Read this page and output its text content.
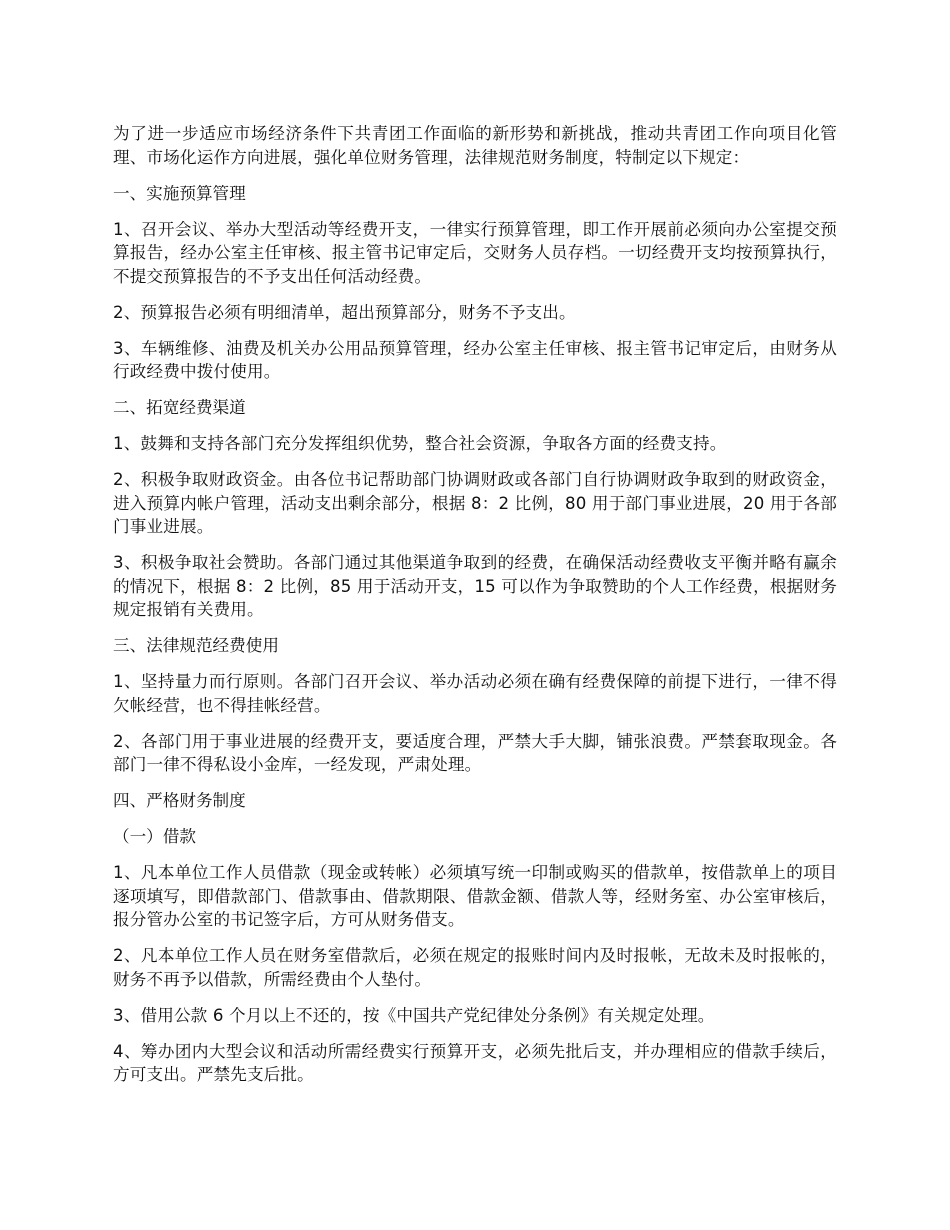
为了进一步适应市场经济条件下共青团工作面临的新形势和新挑战，推动共青团工作向项目化管理、市场化运作方向进展，强化单位财务管理，法律规范财务制度，特制定以下规定：

一、实施预算管理

1、召开会议、举办大型活动等经费开支，一律实行预算管理，即工作开展前必须向办公室提交预算报告，经办公室主任审核、报主管书记审定后，交财务人员存档。一切经费开支均按预算执行，不提交预算报告的不予支出任何活动经费。

2、预算报告必须有明细清单，超出预算部分，财务不予支出。

3、车辆维修、油费及机关办公用品预算管理，经办公室主任审核、报主管书记审定后，由财务从行政经费中拨付使用。

二、拓宽经费渠道

1、鼓舞和支持各部门充分发挥组织优势，整合社会资源，争取各方面的经费支持。

2、积极争取财政资金。由各位书记帮助部门协调财政或各部门自行协调财政争取到的财政资金，进入预算内帐户管理，活动支出剩余部分，根据 8：2 比例，80 用于部门事业进展，20 用于各部门事业进展。

3、积极争取社会赞助。各部门通过其他渠道争取到的经费，在确保活动经费收支平衡并略有赢余的情况下，根据 8：2 比例，85 用于活动开支，15 可以作为争取赞助的个人工作经费，根据财务规定报销有关费用。

三、法律规范经费使用

1、坚持量力而行原则。各部门召开会议、举办活动必须在确有经费保障的前提下进行，一律不得欠帐经营，也不得挂帐经营。

2、各部门用于事业进展的经费开支，要适度合理，严禁大手大脚，铺张浪费。严禁套取现金。各部门一律不得私设小金库，一经发现，严肃处理。

四、严格财务制度

（一）借款

1、凡本单位工作人员借款（现金或转帐）必须填写统一印制或购买的借款单，按借款单上的项目逐项填写，即借款部门、借款事由、借款期限、借款金额、借款人等，经财务室、办公室审核后，报分管办公室的书记签字后，方可从财务借支。

2、凡本单位工作人员在财务室借款后，必须在规定的报账时间内及时报帐，无故未及时报帐的，财务不再予以借款，所需经费由个人垫付。

3、借用公款 6 个月以上不还的，按《中国共产党纪律处分条例》有关规定处理。

4、筹办团内大型会议和活动所需经费实行预算开支，必须先批后支，并办理相应的借款手续后，方可支出。严禁先支后批。
